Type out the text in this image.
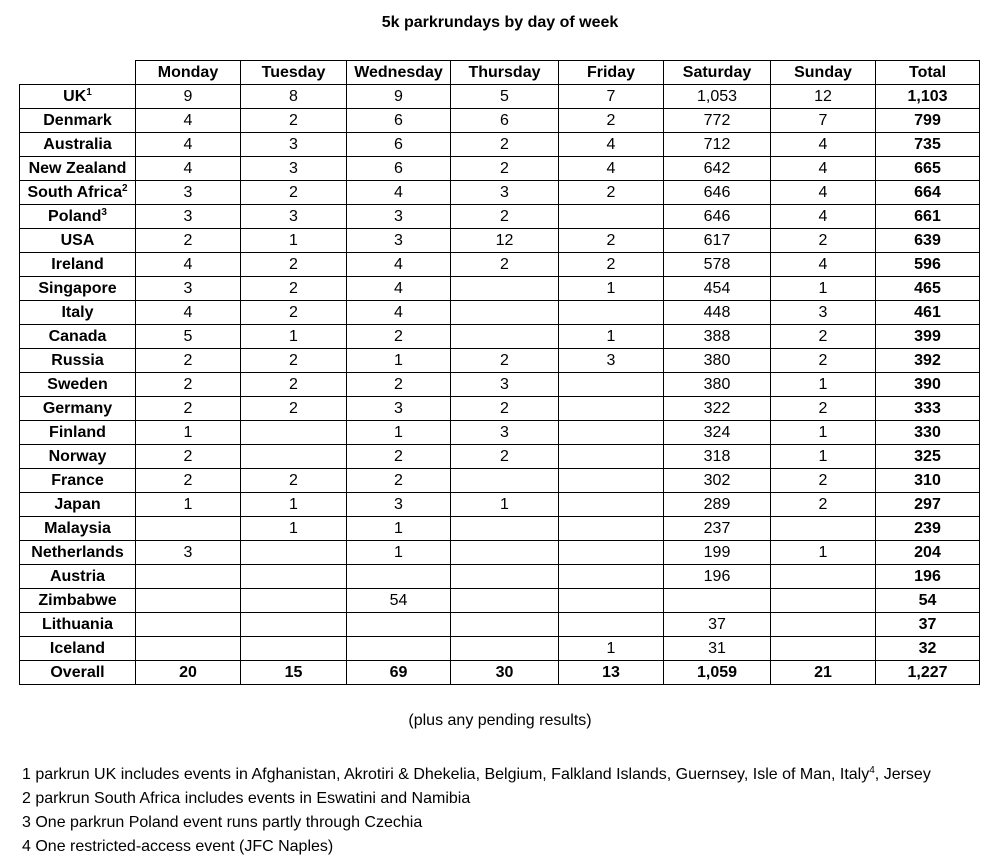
5k parkrundays by day of week
	Monday	Tuesday	Wednesday	Thursday	Friday	Saturday	Sunday	Total
$UK^1$	9	8	9	5	7	1,053	12	1,103
Denmark	4	2	6	6	2	772	7	799
Australia	4	3	6	2	4	712	4	735
New Zealand	4	3	6	2	4	642	4	665
South Africa$^2$	3	2	4	3	2	646	4	664
Poland$^3$	3	3	3	2		646	4	661
USA	2	1	3	12	2	617	2	639
Ireland	4	2	4	2	2	578	4	596
Singapore	3	2	4		1	454	1	465
Italy	4	2	4			448	3	461
Canada	5	1	2		1	388	2	399
Russia	2	2	1	2	3	380	2	392
Sweden	2	2	2	3		380	1	390
Germany	2	2	3	2		322	2	333
Finland	1		1	3		324	1	330
Norway	2		2	2		318	1	325
France	2	2	2			302	2	310
Japan	1	1	3	1		289	2	297
Malaysia		1	1			237		239
Netherlands	3		1			199	1	204
Austria						196		196
Zimbabwe			54					54
Lithuania						37		37
Iceland					1	31		32
Overall	20	15	69	30	13	1,059	21	1,227
(plus any pending results)
1 parkrun UK includes events in Afghanistan, Akrotiri & Dhekelia, Belgium, Falkland Islands, Guernsey, Isle of Man, Italy$^4$, Jersey
2 parkrun South Africa includes events in Eswatini and Namibia
3 One parkrun Poland event runs partly through Czechia
4 One restricted-access event (JFC Naples)
